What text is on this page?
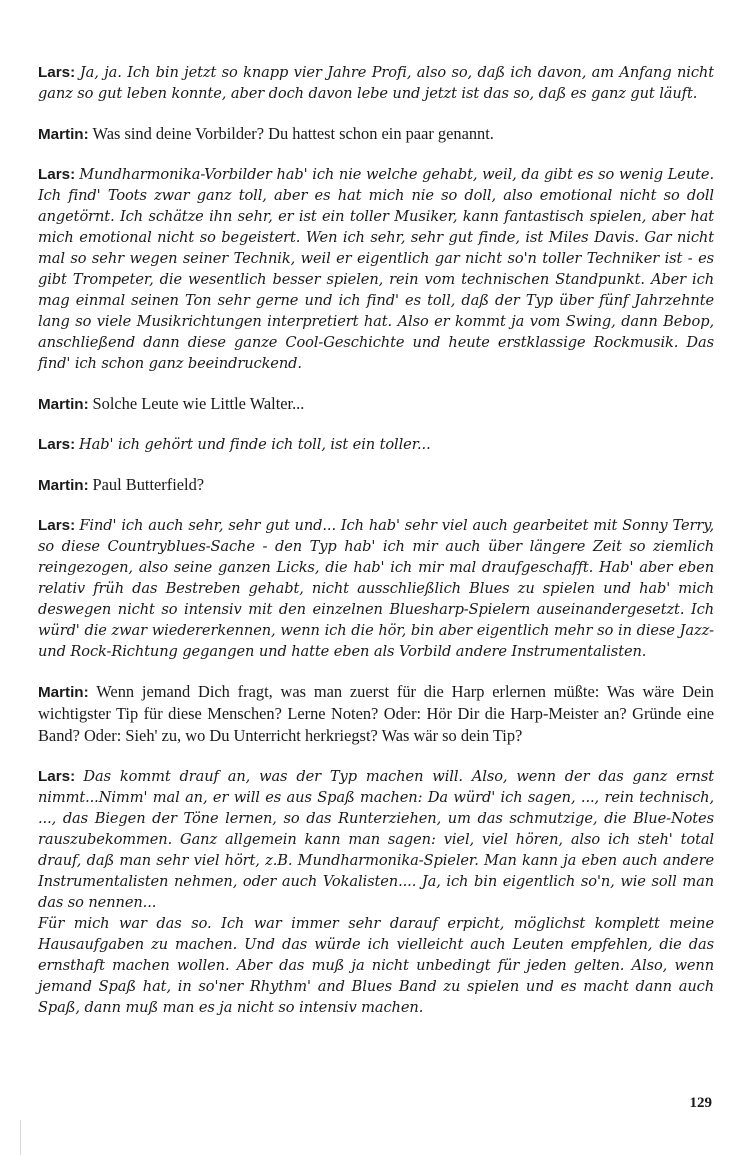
Lars: Ja, ja. Ich bin jetzt so knapp vier Jahre Profi, also so, daß ich davon, am Anfang nicht ganz so gut leben konnte, aber doch davon lebe und jetzt ist das so, daß es ganz gut läuft.

Martin: Was sind deine Vorbilder? Du hattest schon ein paar genannt.

Lars: Mundharmonika-Vorbilder hab' ich nie welche gehabt, weil, da gibt es so wenig Leute. Ich find' Toots zwar ganz toll, aber es hat mich nie so doll, also emotional nicht so doll angetörnt. Ich schätze ihn sehr, er ist ein toller Musiker, kann fantastisch spielen, aber hat mich emotional nicht so begeistert. Wen ich sehr, sehr gut finde, ist Miles Davis. Gar nicht mal so sehr wegen seiner Technik, weil er eigentlich gar nicht so'n toller Techniker ist - es gibt Trompeter, die wesentlich besser spielen, rein vom technischen Standpunkt. Aber ich mag einmal seinen Ton sehr gerne und ich find' es toll, daß der Typ über fünf Jahrzehnte lang so viele Musikrichtungen interpretiert hat. Also er kommt ja vom Swing, dann Bebop, anschließend dann diese ganze Cool-Geschichte und heute erstklassige Rockmusik. Das find' ich schon ganz beeindruckend.

Martin: Solche Leute wie Little Walter...

Lars: Hab' ich gehört und finde ich toll, ist ein toller...

Martin: Paul Butterfield?

Lars: Find' ich auch sehr, sehr gut und... Ich hab' sehr viel auch gearbeitet mit Sonny Terry, so diese Countryblues-Sache - den Typ hab' ich mir auch über längere Zeit so ziemlich reingezogen, also seine ganzen Licks, die hab' ich mir mal draufgeschafft. Hab' aber eben relativ früh das Bestreben gehabt, nicht ausschließlich Blues zu spielen und hab' mich deswegen nicht so intensiv mit den einzelnen Bluesharp-Spielern auseinandergesetzt. Ich würd' die zwar wiedererkennen, wenn ich die hör, bin aber eigentlich mehr so in diese Jazz- und Rock-Richtung gegangen und hatte eben als Vorbild andere Instrumentalisten.

Martin: Wenn jemand Dich fragt, was man zuerst für die Harp erlernen müßte: Was wäre Dein wichtigster Tip für diese Menschen? Lerne Noten? Oder: Hör Dir die Harp-Meister an? Gründe eine Band? Oder: Sieh' zu, wo Du Unterricht herkriegst? Was wär so dein Tip?

Lars: Das kommt drauf an, was der Typ machen will. Also, wenn der das ganz ernst nimmt...Nimm' mal an, er will es aus Spaß machen: Da würd' ich sagen, ..., rein technisch, ..., das Biegen der Töne lernen, so das Runterziehen, um das schmutzige, die Blue-Notes rauszubekommen. Ganz allgemein kann man sagen: viel, viel hören, also ich steh' total drauf, daß man sehr viel hört, z.B. Mundharmonika-Spieler. Man kann ja eben auch andere Instrumentalisten nehmen, oder auch Vokalisten.... Ja, ich bin eigentlich so'n, wie soll man das so nennen...
Für mich war das so. Ich war immer sehr darauf erpicht, möglichst komplett meine Hausaufgaben zu machen. Und das würde ich vielleicht auch Leuten empfehlen, die das ernsthaft machen wollen. Aber das muß ja nicht unbedingt für jeden gelten. Also, wenn jemand Spaß hat, in so'ner Rhythm' and Blues Band zu spielen und es macht dann auch Spaß, dann muß man es ja nicht so intensiv machen.

129
